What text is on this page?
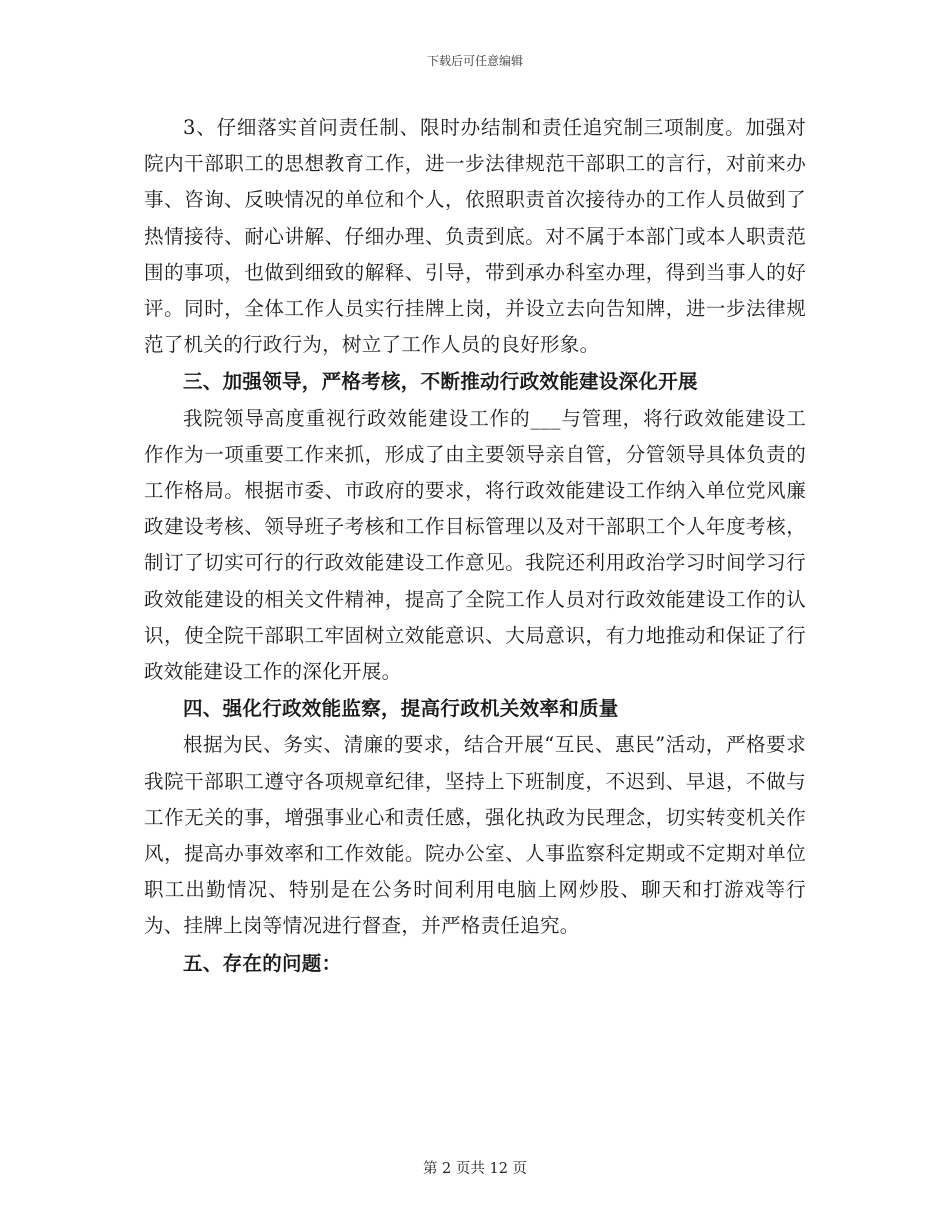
下载后可任意编辑

3、仔细落实首问责任制、限时办结制和责任追究制三项制度。加强对院内干部职工的思想教育工作，进一步法律规范干部职工的言行，对前来办事、咨询、反映情况的单位和个人，依照职责首次接待办的工作人员做到了热情接待、耐心讲解、仔细办理、负责到底。对不属于本部门或本人职责范围的事项，也做到细致的解释、引导，带到承办科室办理，得到当事人的好评。同时，全体工作人员实行挂牌上岗，并设立去向告知牌，进一步法律规范了机关的行政行为，树立了工作人员的良好形象。

三、加强领导，严格考核，不断推动行政效能建设深化开展

我院领导高度重视行政效能建设工作的___与管理，将行政效能建设工作作为一项重要工作来抓，形成了由主要领导亲自管，分管领导具体负责的工作格局。根据市委、市政府的要求，将行政效能建设工作纳入单位党风廉政建设考核、领导班子考核和工作目标管理以及对干部职工个人年度考核，制订了切实可行的行政效能建设工作意见。我院还利用政治学习时间学习行政效能建设的相关文件精神，提高了全院工作人员对行政效能建设工作的认识，使全院干部职工牢固树立效能意识、大局意识，有力地推动和保证了行政效能建设工作的深化开展。

四、强化行政效能监察，提高行政机关效率和质量

根据为民、务实、清廉的要求，结合开展“互民、惠民”活动，严格要求我院干部职工遵守各项规章纪律，坚持上下班制度，不迟到、早退，不做与工作无关的事，增强事业心和责任感，强化执政为民理念，切实转变机关作风，提高办事效率和工作效能。院办公室、人事监察科定期或不定期对单位职工出勤情况、特别是在公务时间利用电脑上网炒股、聊天和打游戏等行为、挂牌上岗等情况进行督查，并严格责任追究。

五、存在的问题：

第 2 页共 12 页
